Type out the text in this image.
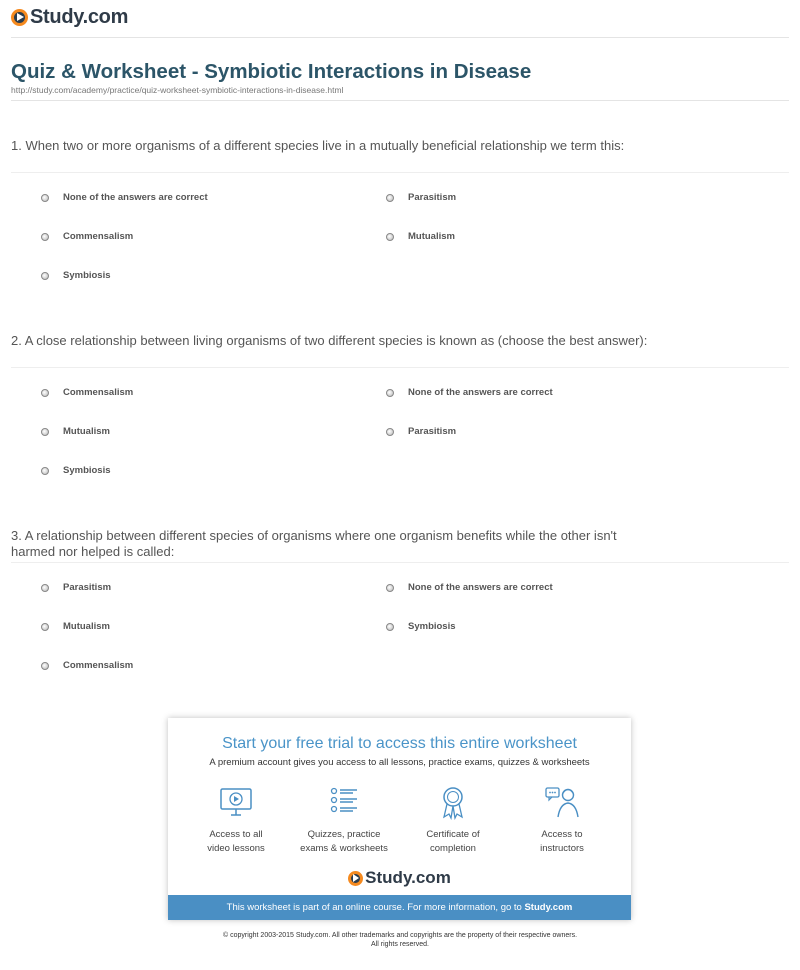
Study.com
Quiz & Worksheet - Symbiotic Interactions in Disease
http://study.com/academy/practice/quiz-worksheet-symbiotic-interactions-in-disease.html
1. When two or more organisms of a different species live in a mutually beneficial relationship we term this:
None of the answers are correct	Parasitism
Commensalism	Mutualism
Symbiosis
2. A close relationship between living organisms of two different species is known as (choose the best answer):
Commensalism	None of the answers are correct
Mutualism	Parasitism
Symbiosis
3. A relationship between different species of organisms where one organism benefits while the other isn't harmed nor helped is called:
Parasitism	None of the answers are correct
Mutualism	Symbiosis
Commensalism
Start your free trial to access this entire worksheet
A premium account gives you access to all lessons, practice exams, quizzes & worksheets
Access to all
video lessons
Quizzes, practice
exams & worksheets
Certificate of
completion
Access to
instructors
Study.com
This worksheet is part of an online course. For more information, go to Study.com
© copyright 2003-2015 Study.com. All other trademarks and copyrights are the property of their respective owners.
All rights reserved.
